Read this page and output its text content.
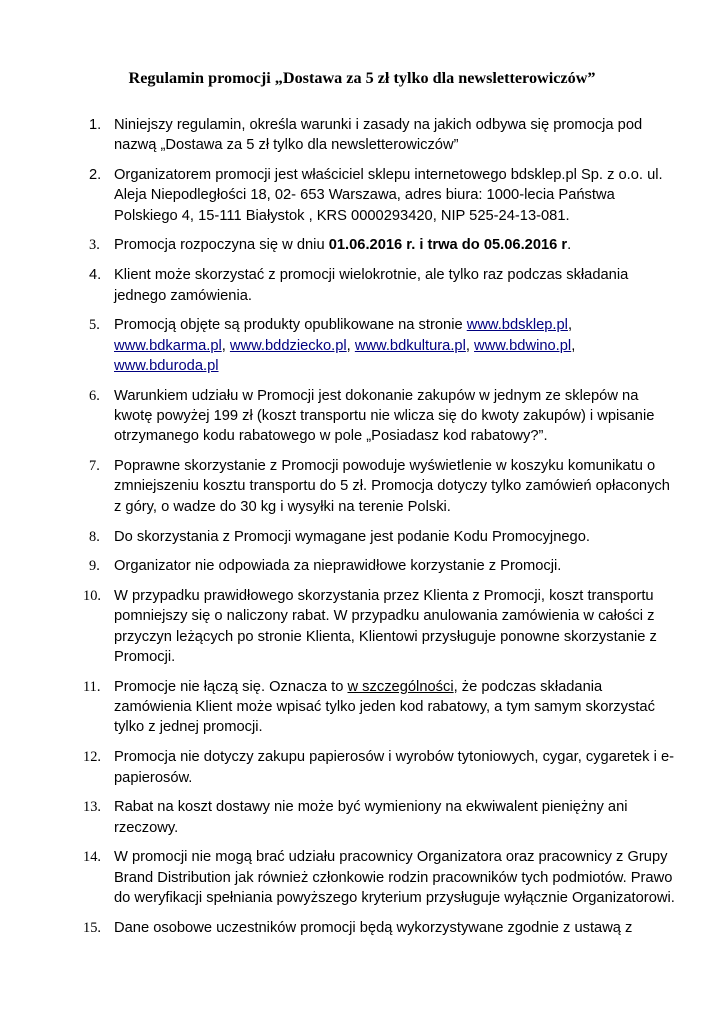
Regulamin promocji „Dostawa za 5 zł tylko dla newsletterowiczów”
1. Niniejszy regulamin, określa warunki i zasady na jakich odbywa się promocja pod nazwą „Dostawa za 5 zł tylko dla newsletterowiczów”
2. Organizatorem promocji jest właściciel sklepu internetowego bdsklep.pl Sp. z o.o. ul. Aleja Niepodległości 18, 02- 653 Warszawa, adres biura: 1000-lecia Państwa Polskiego 4, 15-111 Białystok , KRS 0000293420, NIP 525-24-13-081.
3. Promocja rozpoczyna się w dniu 01.06.2016 r. i trwa do 05.06.2016 r.
4. Klient może skorzystać z promocji wielokrotnie, ale tylko raz podczas składania jednego zamówienia.
5. Promocją objęte są produkty opublikowane na stronie www.bdsklep.pl, www.bdkarma.pl, www.bddziecko.pl, www.bdkultura.pl, www.bdwino.pl, www.bduroda.pl
6. Warunkiem udziału w Promocji jest dokonanie zakupów w jednym ze sklepów na kwotę powyżej 199 zł (koszt transportu nie wlicza się do kwoty zakupów) i wpisanie otrzymanego kodu rabatowego w pole „Posiadasz kod rabatowy?”.
7. Poprawne skorzystanie z Promocji powoduje wyświetlenie w koszyku komunikatu o zmniejszeniu kosztu transportu do 5 zł. Promocja dotyczy tylko zamówień opłaconych z góry, o wadze do 30 kg i wysyłki na terenie Polski.
8. Do skorzystania z Promocji wymagane jest podanie Kodu Promocyjnego.
9. Organizator nie odpowiada za nieprawidłowe korzystanie z Promocji.
10. W przypadku prawidłowego skorzystania przez Klienta z Promocji, koszt transportu pomniejszy się o naliczony rabat. W przypadku anulowania zamówienia w całości z przyczyn leżących po stronie Klienta, Klientowi przysługuje ponowne skorzystanie z Promocji.
11. Promocje nie łączą się. Oznacza to w szczególności, że podczas składania zamówienia Klient może wpisać tylko jeden kod rabatowy, a tym samym skorzystać tylko z jednej promocji.
12. Promocja nie dotyczy zakupu papierosów i wyrobów tytoniowych, cygar, cygaretek i e-papierosów.
13. Rabat na koszt dostawy nie może być wymieniony na ekwiwalent pieniężny ani rzeczowy.
14. W promocji nie mogą brać udziału pracownicy Organizatora oraz pracownicy z Grupy Brand Distribution jak również członkowie rodzin pracowników tych podmiotów. Prawo do weryfikacji spełniania powyższego kryterium przysługuje wyłącznie Organizatorowi.
15. Dane osobowe uczestników promocji będą wykorzystywane zgodnie z ustawą z
